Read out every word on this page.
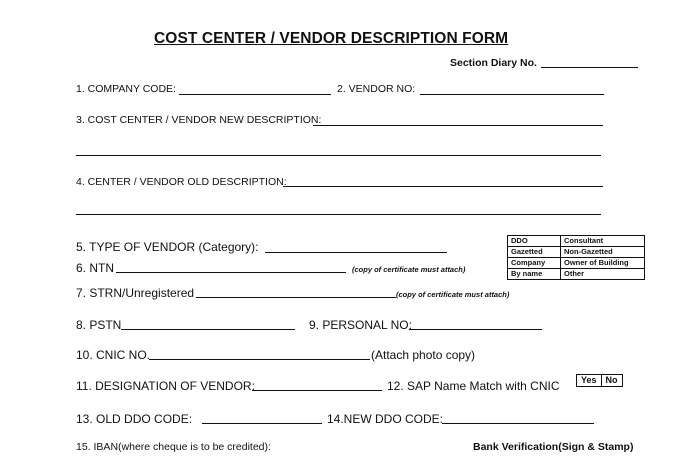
COST CENTER / VENDOR DESCRIPTION FORM
Section Diary No.
1. COMPANY CODE:	2. VENDOR NO:
3. COST CENTER / VENDOR NEW DESCRIPTION:
4. CENTER / VENDOR OLD DESCRIPTION:
5. TYPE OF VENDOR (Category):	DDO	Consultant
Gazetted	Non-Gazetted
Company	Owner of Building
By name	Other
6. NTN	(copy of certificate must attach)
7. STRN/Unregistered	(copy of certificate must attach)
8. PSTN	9. PERSONAL NO:
10. CNIC NO.	(Attach photo copy)
11. DESIGNATION OF VENDOR:	12. SAP Name Match with CNIC	Yes	No
13. OLD DDO CODE:	14.NEW DDO CODE:
15. IBAN(where cheque is to be credited):	Bank Verification(Sign & Stamp)
